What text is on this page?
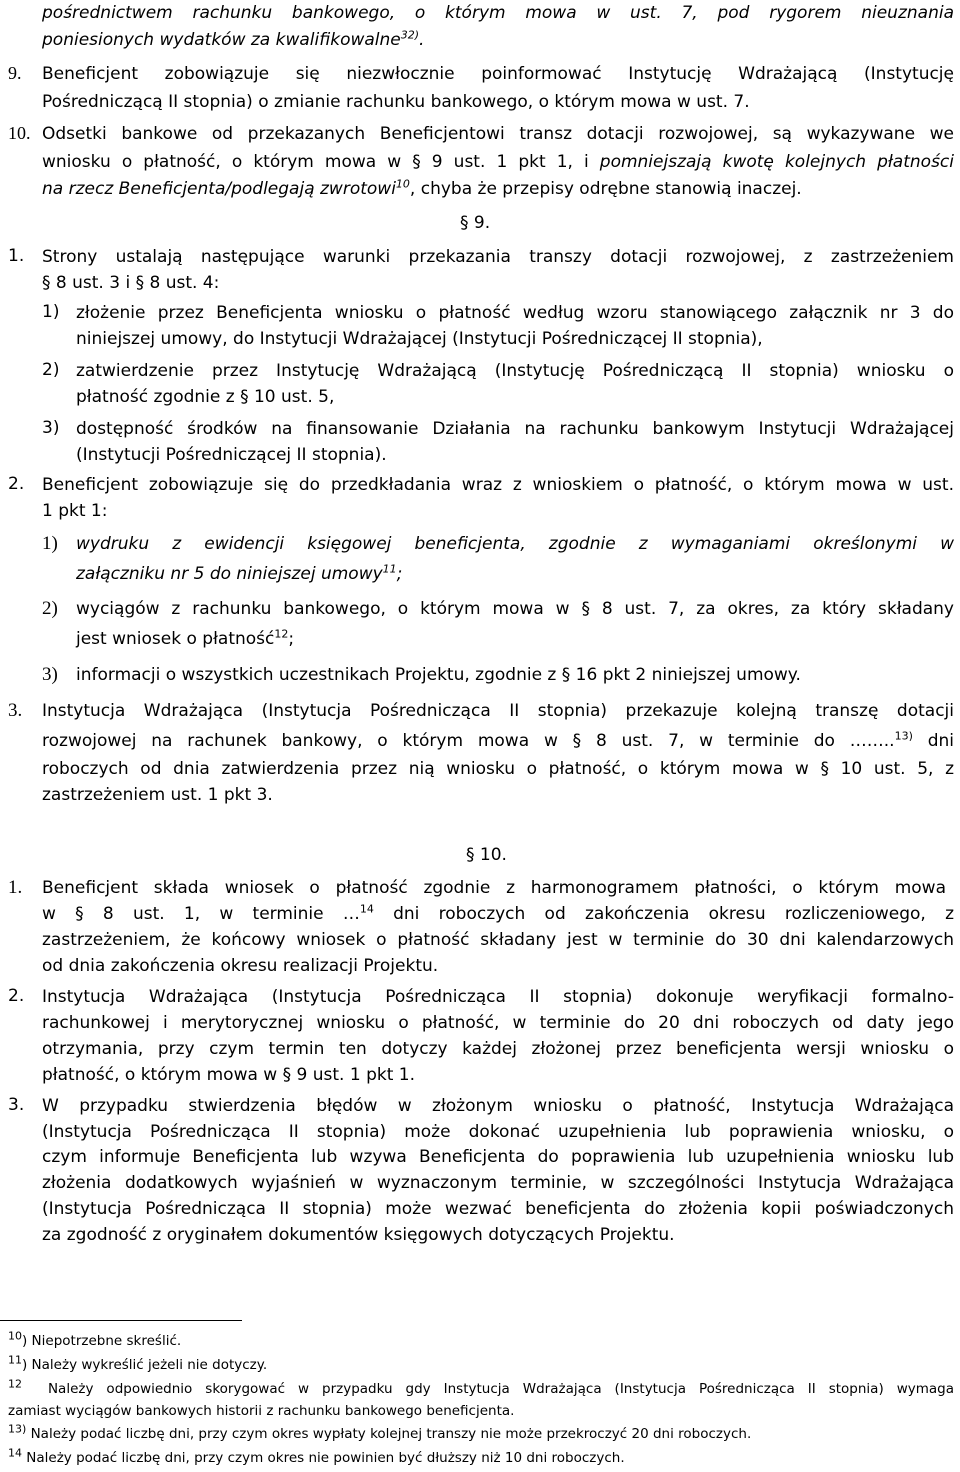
pośrednictwem rachunku bankowego, o którym mowa w ust. 7, pod rygorem nieuznania
poniesionych wydatków za kwalifikowalne$^{32)}$.
9. Beneficjent zobowiązuje się niezwłocznie poinformować Instytucję Wdrażającą (Instytucję
Pośredniczącą II stopnia) o zmianie rachunku bankowego, o którym mowa w ust. 7.
10. Odsetki bankowe od przekazanych Beneficjentowi transz dotacji rozwojowej, są wykazywane we
wniosku o płatność, o którym mowa w § 9 ust. 1 pkt 1, i pomniejszają kwotę kolejnych płatności
na rzecz Beneficjenta/podlegają zwrotowi$^{10}$, chyba że przepisy odrębne stanowią inaczej.
§ 9.
1. Strony ustalają następujące warunki przekazania transzy dotacji rozwojowej, z zastrzeżeniem
§ 8 ust. 3 i § 8 ust. 4:
1) złożenie przez Beneficjenta wniosku o płatność według wzoru stanowiącego załącznik nr 3 do
niniejszej umowy, do Instytucji Wdrażającej (Instytucji Pośredniczącej II stopnia),
2) zatwierdzenie przez Instytucję Wdrażającą (Instytucję Pośredniczącą II stopnia) wniosku o
płatność zgodnie z § 10 ust. 5,
3) dostępność środków na finansowanie Działania na rachunku bankowym Instytucji Wdrażającej
(Instytucji Pośredniczącej II stopnia).
2. Beneficjent zobowiązuje się do przedkładania wraz z wnioskiem o płatność, o którym mowa w ust.
1 pkt 1:
1) wydruku z ewidencji księgowej beneficjenta, zgodnie z wymaganiami określonymi w
załączniku nr 5 do niniejszej umowy$^{11}$;
2) wyciągów z rachunku bankowego, o którym mowa w § 8 ust. 7, za okres, za który składany
jest wniosek o płatność$^{12}$;
3) informacji o wszystkich uczestnikach Projektu, zgodnie z § 16 pkt 2 niniejszej umowy.
3. Instytucja Wdrażająca (Instytucja Pośrednicząca II stopnia) przekazuje kolejną transzę dotacji
rozwojowej na rachunek bankowy, o którym mowa w § 8 ust. 7, w terminie do ……..$^{13)}$ dni
roboczych od dnia zatwierdzenia przez nią wniosku o płatność, o którym mowa w § 10 ust. 5, z
zastrzeżeniem ust. 1 pkt 3.
§ 10.
1. Beneficjent składa wniosek o płatność zgodnie z harmonogramem płatności, o którym mowa
w § 8 ust. 1, w terminie …$^{14}$ dni roboczych od zakończenia okresu rozliczeniowego, z
zastrzeżeniem, że końcowy wniosek o płatność składany jest w terminie do 30 dni kalendarzowych
od dnia zakończenia okresu realizacji Projektu.
2. Instytucja Wdrażająca (Instytucja Pośrednicząca II stopnia) dokonuje weryfikacji formalno-
rachunkowej i merytorycznej wniosku o płatność, w terminie do 20 dni roboczych od daty jego
otrzymania, przy czym termin ten dotyczy każdej złożonej przez beneficjenta wersji wniosku o
płatność, o którym mowa w § 9 ust. 1 pkt 1.
3. W przypadku stwierdzenia błędów w złożonym wniosku o płatność, Instytucja Wdrażająca
(Instytucja Pośrednicząca II stopnia) może dokonać uzupełnienia lub poprawienia wniosku, o
czym informuje Beneficjenta lub wzywa Beneficjenta do poprawienia lub uzupełnienia wniosku lub
złożenia dodatkowych wyjaśnień w wyznaczonym terminie, w szczególności Instytucja Wdrażająca
(Instytucja Pośrednicząca II stopnia) może wezwać beneficjenta do złożenia kopii poświadczonych
za zgodność z oryginałem dokumentów księgowych dotyczących Projektu.
$^{10}$) Niepotrzebne skreślić.
$^{11}$) Należy wykreślić jeżeli nie dotyczy.
$^{12}$ Należy odpowiednio skorygować w przypadku gdy Instytucja Wdrażająca (Instytucja Pośrednicząca II stopnia) wymaga
zamiast wyciągów bankowych historii z rachunku bankowego beneficjenta.
$^{13)}$ Należy podać liczbę dni, przy czym okres wypłaty kolejnej transzy nie może przekroczyć 20 dni roboczych.
$^{14}$ Należy podać liczbę dni, przy czym okres nie powinien być dłuższy niż 10 dni roboczych.
